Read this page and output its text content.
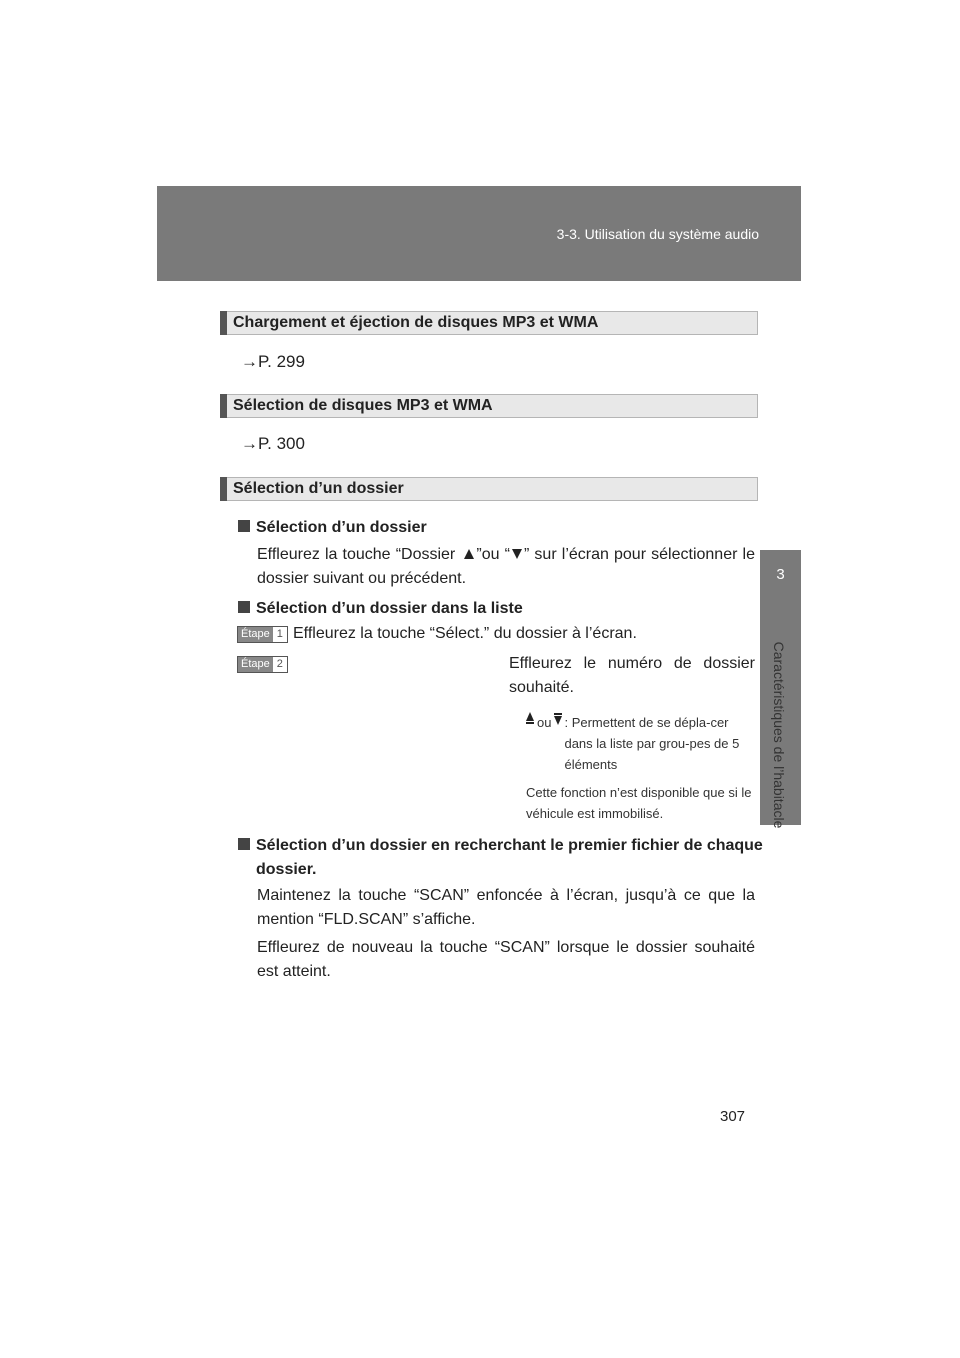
3-3. Utilisation du système audio
3
Caractéristiques de l’habitacle
Chargement et éjection de disques MP3 et WMA
→P. 299
Sélection de disques MP3 et WMA
→P. 300
Sélection d’un dossier
Sélection d’un dossier
Effleurez la touche “Dossier ”ou “ ” sur l’écran pour sélectionner le dossier suivant ou précédent.
Sélection d’un dossier dans la liste
Étape 1 Effleurez la touche “Sélect.” du dossier à l’écran.
Étape 2	Effleurez le numéro de dossier souhaité.
ou : Permettent de se dépla-cer dans la liste par grou-pes de 5 éléments
Cette fonction n’est disponible que si le véhicule est immobilisé.
Sélection d’un dossier en recherchant le premier fichier de chaque dossier.
Maintenez la touche “SCAN” enfoncée à l’écran, jusqu’à ce que la mention “FLD.SCAN” s’affiche.
Effleurez de nouveau la touche “SCAN” lorsque le dossier souhaité est atteint.
307
